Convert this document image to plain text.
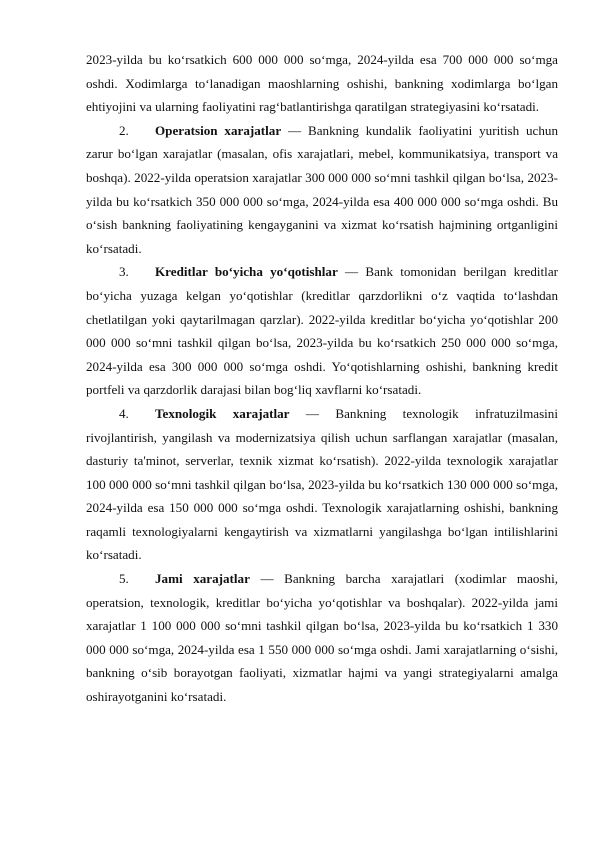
2023-yilda bu ko‘rsatkich 600 000 000 so‘mga, 2024-yilda esa 700 000 000 so‘mga oshdi. Xodimlarga to‘lanadigan maoshlarning oshishi, bankning xodimlarga bo‘lgan ehtiyojini va ularning faoliyatini rag‘batlantirishga qaratilgan strategiyasini ko‘rsatadi.

2. Operatsion xarajatlar — Bankning kundalik faoliyatini yuritish uchun zarur bo‘lgan xarajatlar (masalan, ofis xarajatlari, mebel, kommunikatsiya, transport va boshqa). 2022-yilda operatsion xarajatlar 300 000 000 so‘mni tashkil qilgan bo‘lsa, 2023-yilda bu ko‘rsatkich 350 000 000 so‘mga, 2024-yilda esa 400 000 000 so‘mga oshdi. Bu o‘sish bankning faoliyatining kengayganini va xizmat ko‘rsatish hajmining ortganligini ko‘rsatadi.

3. Kreditlar bo‘yicha yo‘qotishlar — Bank tomonidan berilgan kreditlar bo‘yicha yuzaga kelgan yo‘qotishlar (kreditlar qarzdorlikni o‘z vaqtida to‘lashdan chetlatilgan yoki qaytarilmagan qarzlar). 2022-yilda kreditlar bo‘yicha yo‘qotishlar 200 000 000 so‘mni tashkil qilgan bo‘lsa, 2023-yilda bu ko‘rsatkich 250 000 000 so‘mga, 2024-yilda esa 300 000 000 so‘mga oshdi. Yo‘qotishlarning oshishi, bankning kredit portfeli va qarzdorlik darajasi bilan bog‘liq xavflarni ko‘rsatadi.

4. Texnologik xarajatlar — Bankning texnologik infratuzilmasini rivojlantirish, yangilash va modernizatsiya qilish uchun sarflangan xarajatlar (masalan, dasturiy ta'minot, serverlar, texnik xizmat ko‘rsatish). 2022-yilda texnologik xarajatlar 100 000 000 so‘mni tashkil qilgan bo‘lsa, 2023-yilda bu ko‘rsatkich 130 000 000 so‘mga, 2024-yilda esa 150 000 000 so‘mga oshdi. Texnologik xarajatlarning oshishi, bankning raqamli texnologiyalarni kengaytirish va xizmatlarni yangilashga bo‘lgan intilishlarini ko‘rsatadi.

5. Jami xarajatlar — Bankning barcha xarajatlari (xodimlar maoshi, operatsion, texnologik, kreditlar bo‘yicha yo‘qotishlar va boshqalar). 2022-yilda jami xarajatlar 1 100 000 000 so‘mni tashkil qilgan bo‘lsa, 2023-yilda bu ko‘rsatkich 1 330 000 000 so‘mga, 2024-yilda esa 1 550 000 000 so‘mga oshdi. Jami xarajatlarning o‘sishi, bankning o‘sib borayotgan faoliyati, xizmatlar hajmi va yangi strategiyalarni amalga oshirayotganini ko‘rsatadi.
